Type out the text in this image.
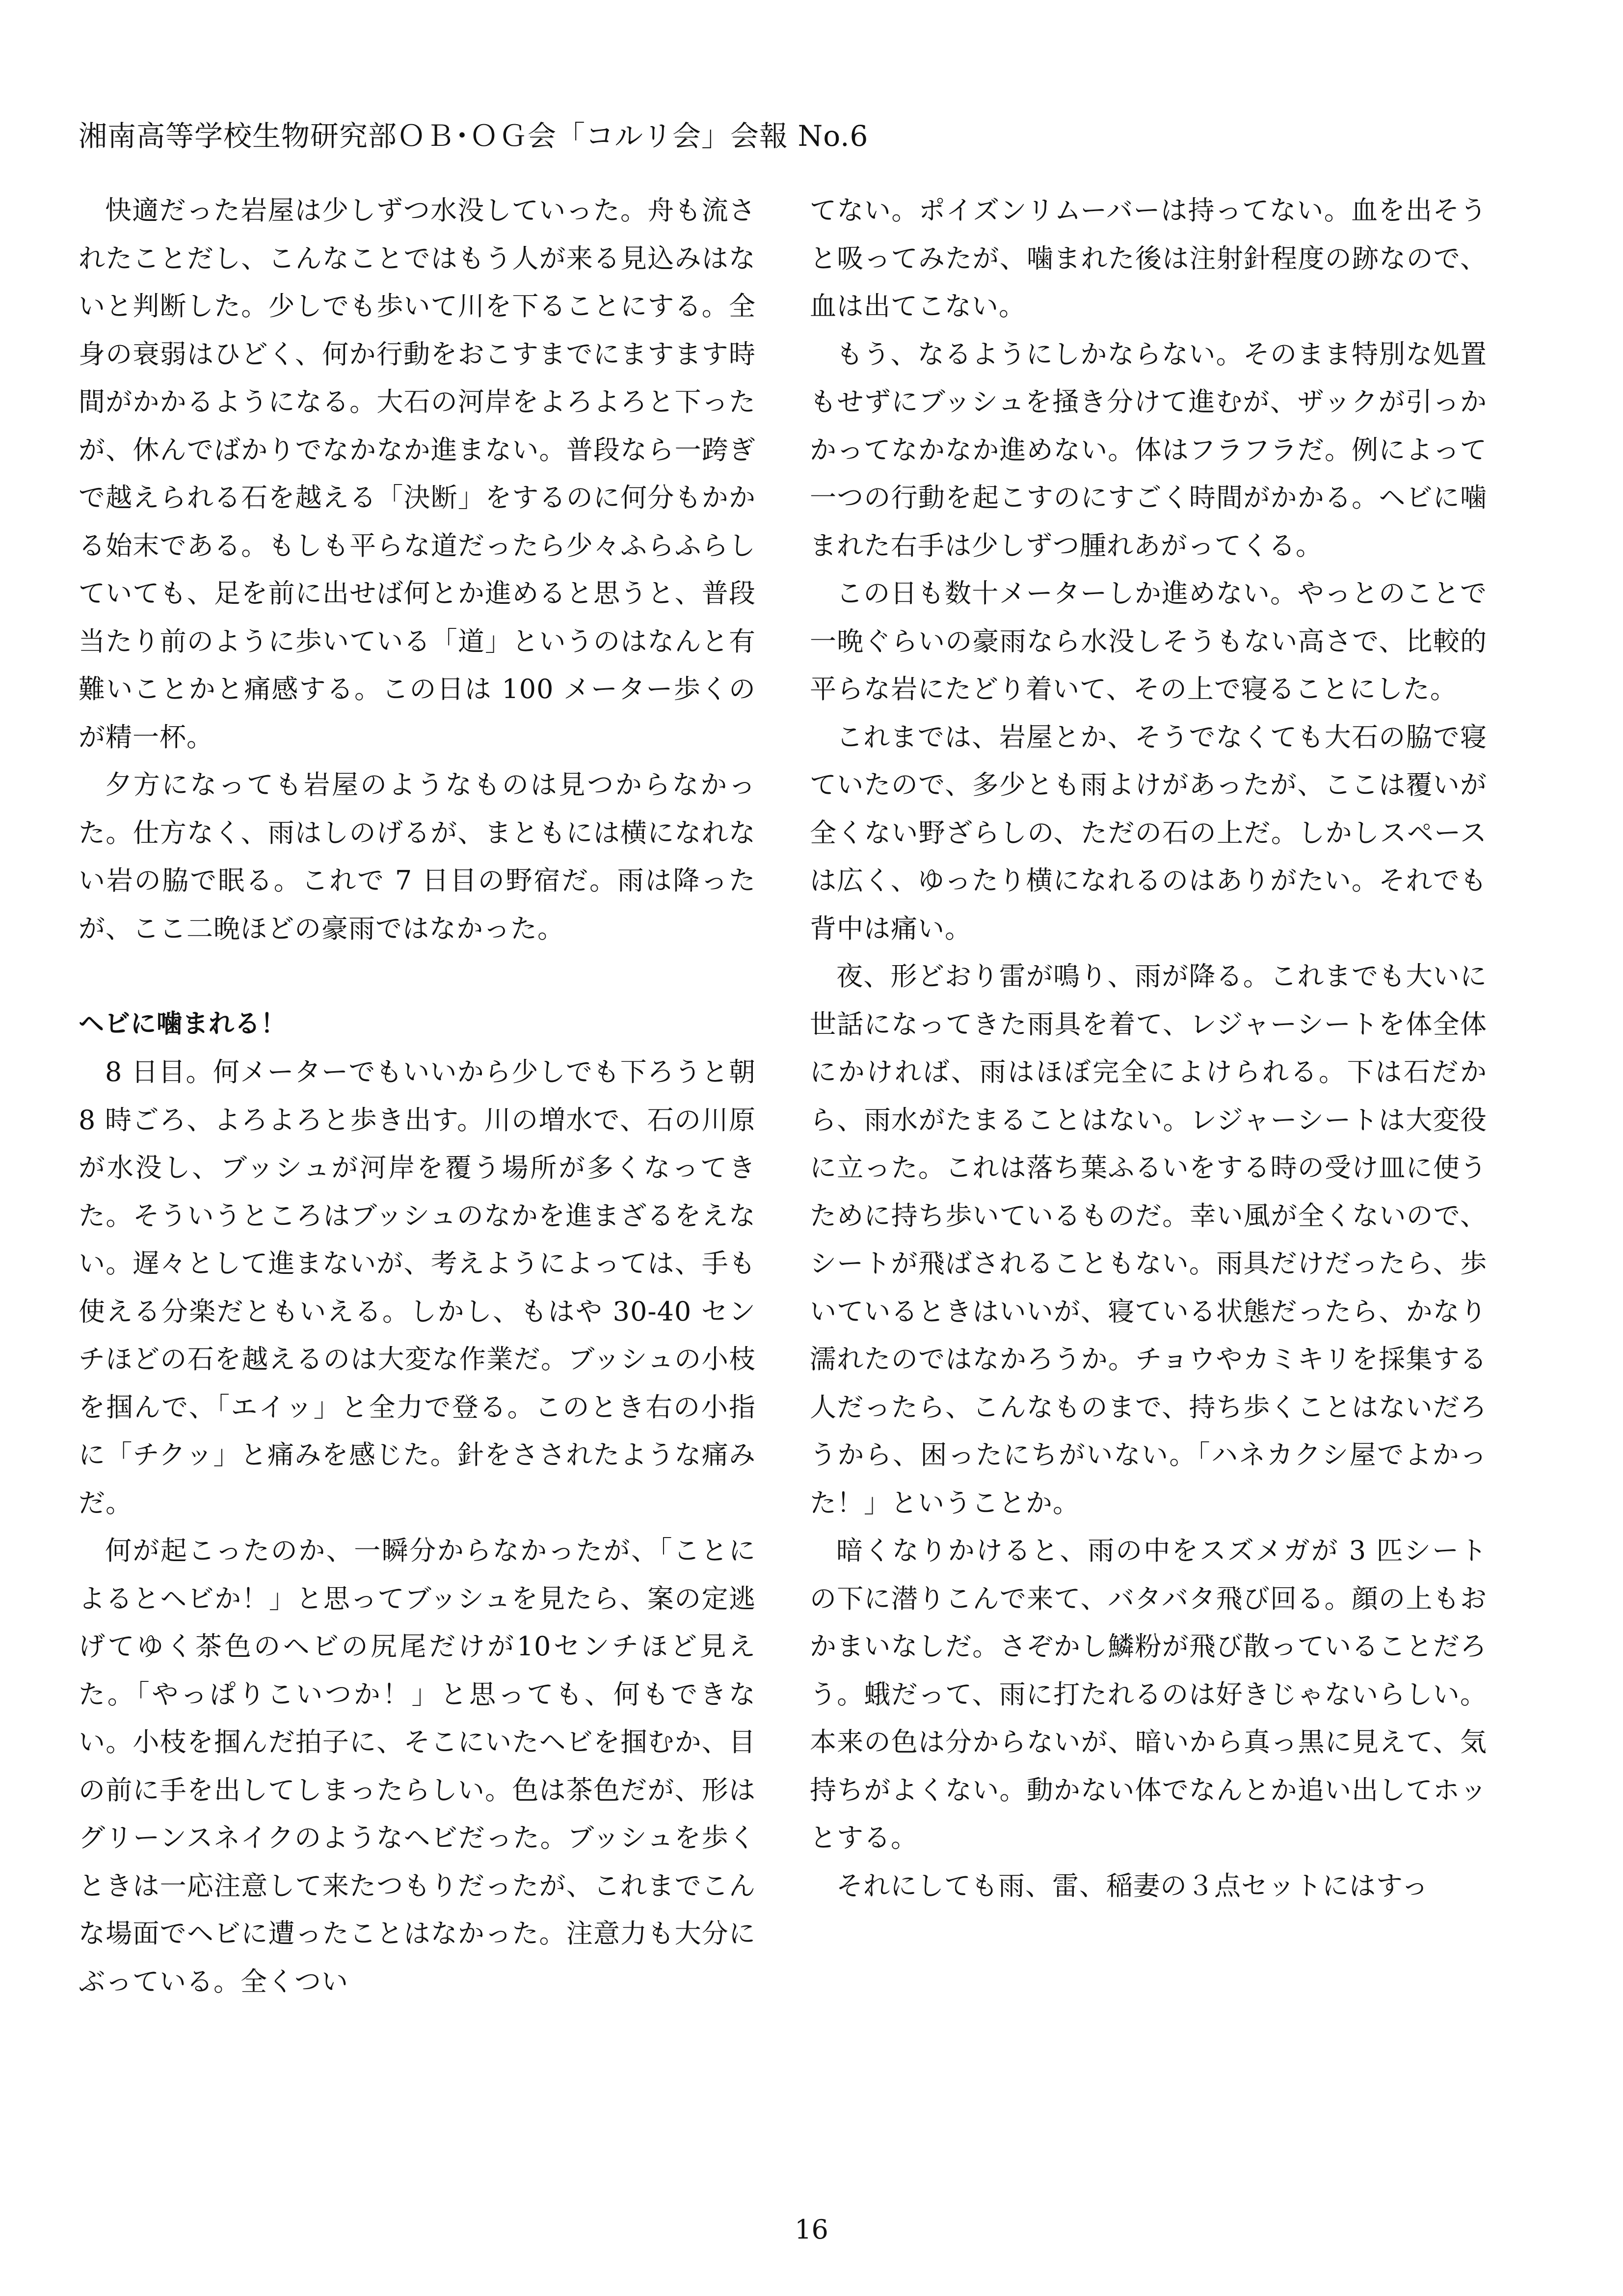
湘南高等学校生物研究部ＯＢ･ＯＧ会「コルリ会」会報 No.6

快適だった岩屋は少しずつ水没していった。舟も流されたことだし、こんなことではもう人が来る見込みはないと判断した。少しでも歩いて川を下ることにする。全身の衰弱はひどく、何か行動をおこすまでにますます時間がかかるようになる。大石の河岸をよろよろと下ったが、休んでばかりでなかなか進まない。普段なら一跨ぎで越えられる石を越える「決断」をするのに何分もかかる始末である。もしも平らな道だったら少々ふらふらしていても、足を前に出せば何とか進めると思うと、普段当たり前のように歩いている「道」というのはなんと有難いことかと痛感する。この日は 100 メーター歩くのが精一杯。

夕方になっても岩屋のようなものは見つからなかった。仕方なく、雨はしのげるが、まともには横になれない岩の脇で眠る。これで 7 日目の野宿だ。雨は降ったが、ここ二晩ほどの豪雨ではなかった。

ヘビに噛まれる！

8 日目。何メーターでもいいから少しでも下ろうと朝 8 時ごろ、よろよろと歩き出す。川の増水で、石の川原が水没し、ブッシュが河岸を覆う場所が多くなってきた。そういうところはブッシュのなかを進まざるをえない。遅々として進まないが、考えようによっては、手も使える分楽だともいえる。しかし、もはや 30-40 センチほどの石を越えるのは大変な作業だ。ブッシュの小枝を掴んで、「エイッ」と全力で登る。このとき右の小指に「チクッ」と痛みを感じた。針をさされたような痛みだ。

何が起こったのか、一瞬分からなかったが、「ことによるとヘビか！」と思ってブッシュを見たら、案の定逃げてゆく茶色のヘビの尻尾だけが10センチほど見えた。「やっぱりこいつか！」と思っても、何もできない。小枝を掴んだ拍子に、そこにいたヘビを掴むか、目の前に手を出してしまったらしい。色は茶色だが、形はグリーンスネイクのようなヘビだった。ブッシュを歩くときは一応注意して来たつもりだったが、これまでこんな場面でヘビに遭ったことはなかった。注意力も大分にぶっている。全くつい

てない。ポイズンリムーバーは持ってない。血を出そうと吸ってみたが、噛まれた後は注射針程度の跡なので、血は出てこない。

もう、なるようにしかならない。そのまま特別な処置もせずにブッシュを掻き分けて進むが、ザックが引っかかってなかなか進めない。体はフラフラだ。例によって一つの行動を起こすのにすごく時間がかかる。ヘビに噛まれた右手は少しずつ腫れあがってくる。

この日も数十メーターしか進めない。やっとのことで一晩ぐらいの豪雨なら水没しそうもない高さで、比較的平らな岩にたどり着いて、その上で寝ることにした。

これまでは、岩屋とか、そうでなくても大石の脇で寝ていたので、多少とも雨よけがあったが、ここは覆いが全くない野ざらしの、ただの石の上だ。しかしスペースは広く、ゆったり横になれるのはありがたい。それでも背中は痛い。

夜、形どおり雷が鳴り、雨が降る。これまでも大いに世話になってきた雨具を着て、レジャーシートを体全体にかければ、雨はほぼ完全によけられる。下は石だから、雨水がたまることはない。レジャーシートは大変役に立った。これは落ち葉ふるいをする時の受け皿に使うために持ち歩いているものだ。幸い風が全くないので、シートが飛ばされることもない。雨具だけだったら、歩いているときはいいが、寝ている状態だったら、かなり濡れたのではなかろうか。チョウやカミキリを採集する人だったら、こんなものまで、持ち歩くことはないだろうから、困ったにちがいない。「ハネカクシ屋でよかった！」ということか。

暗くなりかけると、雨の中をスズメガが 3 匹シートの下に潜りこんで来て、バタバタ飛び回る。顔の上もおかまいなしだ。さぞかし鱗粉が飛び散っていることだろう。蛾だって、雨に打たれるのは好きじゃないらしい。本来の色は分からないが、暗いから真っ黒に見えて、気持ちがよくない。動かない体でなんとか追い出してホッとする。

それにしても雨、雷、稲妻の３点セットにはすっ

16
